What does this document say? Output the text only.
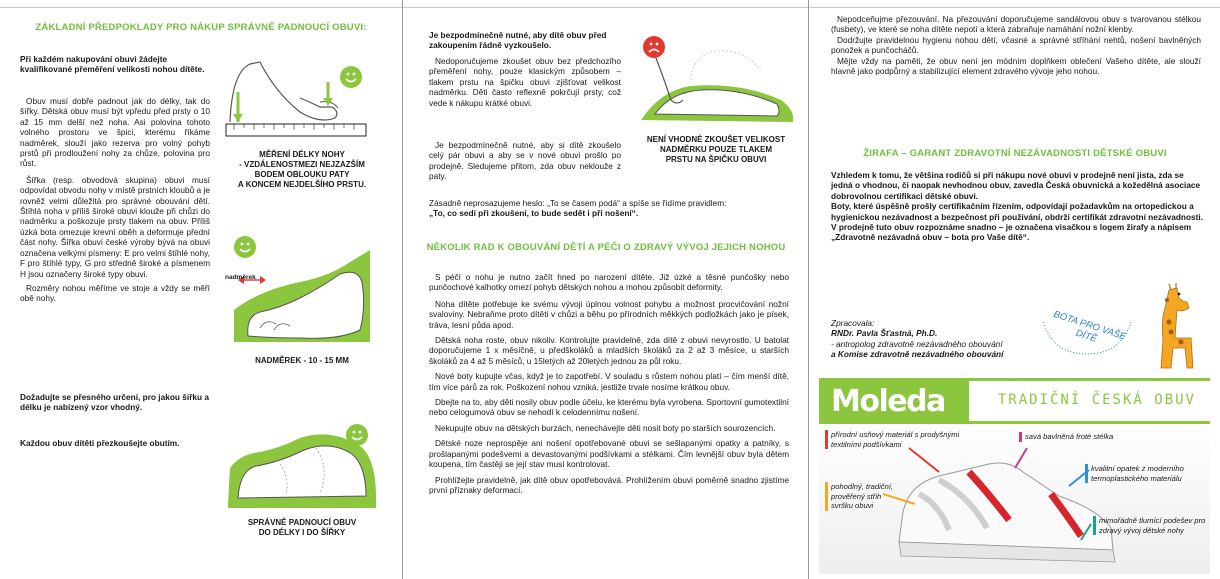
ZÁKLADNÍ PŘEDPOKLADY PRO NÁKUP SPRÁVNĚ PADNOUCÍ OBUVI:
Při každém nakupování obuvi žádejte kvalifikované přeměření velikosti nohou dítěte.

Obuv musí dobře padnout jak do délky, tak do šířky. Dětská obuv musí být vpředu před prsty o 10 až 15 mm delší než noha. Asi polovina tohoto volného prostoru ve špici, kterému říkáme nadměrek, slouží jako rezerva pro volný pohyb prstů při prodloužení nohy za chůze, polovina pro růst.

Šířka (resp. obvodová skupina) obuvi musí odpovídat obvodu nohy v místě prstních kloubů a je rovněž velmi důležitá pro správné obouvání dětí. Štíhlá noha v příliš široké obuvi klouže při chůzi do nadměrku a poškozuje prsty tlakem na obuv. Příliš úzká bota omezuje krevní oběh a deformuje přední část nohy. Šířka obuvi české výroby bývá na obuvi označena velkými písmeny: E pro velmi štíhlé nohy, F pro štíhlé typy, G pro středně široké a písmenem H jsou označeny široké typy obuvi.

Rozměry nohou měříme ve stoje a vždy se měří obě nohy.

Dožadujte se přesného určení, pro jakou šířku a délku je nabízený vzor vhodný.
Každou obuv dítěti přezkoušejte obutím.
MĚŘENÍ DÉLKY NOHY
- VZDÁLENOSTMEZI NEJZAZŠÍM
BODEM OBLOUKU PATY
A KONCEM NEJDELŠÍHO PRSTU.
nadměrek
NADMĚREK - 10 - 15 MM
SPRÁVNĚ PADNOUCÍ OBUV
DO DÉLKY I DO ŠÍŘKY
Je bezpodmínečně nutné, aby dítě obuv před zakoupením řádně vyzkoušelo.

Nedoporučujeme zkoušet obuv bez předchozího přeměření nohy, pouze klasickým způsobem – tlakem prstu na špičku obuvi zjišťovat velikost nadměrku. Děti často reflexně pokrčují prsty, což vede k nákupu krátké obuvi.

Je bezpodmínečně nutné, aby si dítě zkoušelo celý pár obuvi a aby se v nové obuvi prošlo po prodejně. Sledujeme přitom, zda obuv neklouže z paty.

Zásadně neprosazujeme heslo: „To se časem podá“ a spíše se řídíme pravidlem:
„To, co sedí při zkoušení, to bude sedět i při nošení“.
NENÍ VHODNÉ ZKOUŠET VELIKOST
NADMĚRKU POUZE TLAKEM
PRSTU NA ŠPIČKU OBUVI
NĚKOLIK RAD K OBOUVÁNÍ DĚTÍ A PÉČI O ZDRAVÝ VÝVOJ JEJICH NOHOU

S péčí o nohu je nutno začít hned po narození dítěte. Již úzké a těsné punčošky nebo punčochové kalhotky omezí pohyb dětských nohou a mohou způsobit deformity.

Noha dítěte potřebuje ke svému vývoji úplnou volnost pohybu a možnost procvičování nožní svaloviny. Nebraňme proto dítěti v chůzi a běhu po přírodních měkkých podložkách jako je písek, tráva, lesní půda apod.

Dětská noha roste, obuv nikoliv. Kontrolujte pravidelně, zda dítě z obuvi nevyrostlo. U batolat doporučujeme 1 x měsíčně, u předškoláků a mladších školáků za 2 až 3 měsíce, u starších školáků za 4 až 5 měsíců, u 15letých až 20letých jednou za půl roku.

Nové boty kupujte včas, když je to zapotřebí. V souladu s růstem nohou platí – čím menší dítě, tím více párů za rok. Poškození nohou vzniká, jestliže trvale nosíme krátkou obuv.

Dbejte na to, aby děti nosily obuv podle účelu, ke kterému byla vyrobena. Sportovní gumotextilní nebo celogumová obuv se nehodí k celodennímu nošení.

Nekupujte obuv na dětských burzách, nenechávejte děti nosit boty po starších sourozencích.

Dětské noze neprospěje ani nošení opotřebované obuvi se sešlapanými opatky a patníky, s prošlapanými podešvemi a devastovanými podšívkami a stélkami. Čím levnější obuv byla dětem koupena, tím častěji se její stav musí kontrolovat.

Prohlížejte pravidelně, jak dítě obuv opotřebovává. Prohlížením obuvi poměrně snadno zjistíme první příznaky deformací.

Nepodceňujme přezouvání. Na přezouvání doporučujeme sandálovou obuv s tvarovanou stélkou (fusbety), ve které se noha dítěte nepotí a která zabraňuje namáhání nožní klenby.

Dodržujte pravidelnou hygienu nohou dětí, včasné a správné stříhání nehtů, nošení bavlněných ponožek a punčocháčů.

Mějte vždy na paměti, že obuv není jen módním doplňkem oblečení Vašeho dítěte, ale slouží hlavně jako podpůrný a stabilizující element zdravého vývoje jeho nohou.

ŽIRAFA – GARANT ZDRAVOTNÍ NEZÁVADNOSTI DĚTSKÉ OBUVI
Vzhledem k tomu, že většina rodičů si při nákupu nové obuvi v prodejně není jista, zda se jedná o vhodnou, či naopak nevhodnou obuv, zavedla Česká obuvnická a kožedělná asociace dobrovolnou certifikaci dětské obuvi.
Boty, které úspěšně prošly certifikačním řízením, odpovídají požadavkům na ortopedickou a hygienickou nezávadnost a bezpečnost při používání, obdrží certifikát zdravotní nezávadnosti.
V prodejně tuto obuv rozpoznáme snadno – je označena visačkou s logem žirafy a nápisem „Zdravotně nezávadná obuv – bota pro Vaše dítě“.
Zpracovala:
RNDr. Pavla Šťastná, Ph.D.
- antropolog zdravotně nezávadného obouvání
a Komise zdravotně nezávadného obouvání
BOTA PRO VAŠE DÍTĚ
Moleda	TRADIČNÍ ČESKÁ OBUV
přírodní usňový materiál s prodyšnými textilními podšívkami
savá bavlněná froté stélka
kvalitní opatek z moderního termoplastického materiálu
pohodlný, tradiční, prověřený střih svršku obuvi
mimořádně tlumící podešev pro zdravý vývoj dětské nohy
